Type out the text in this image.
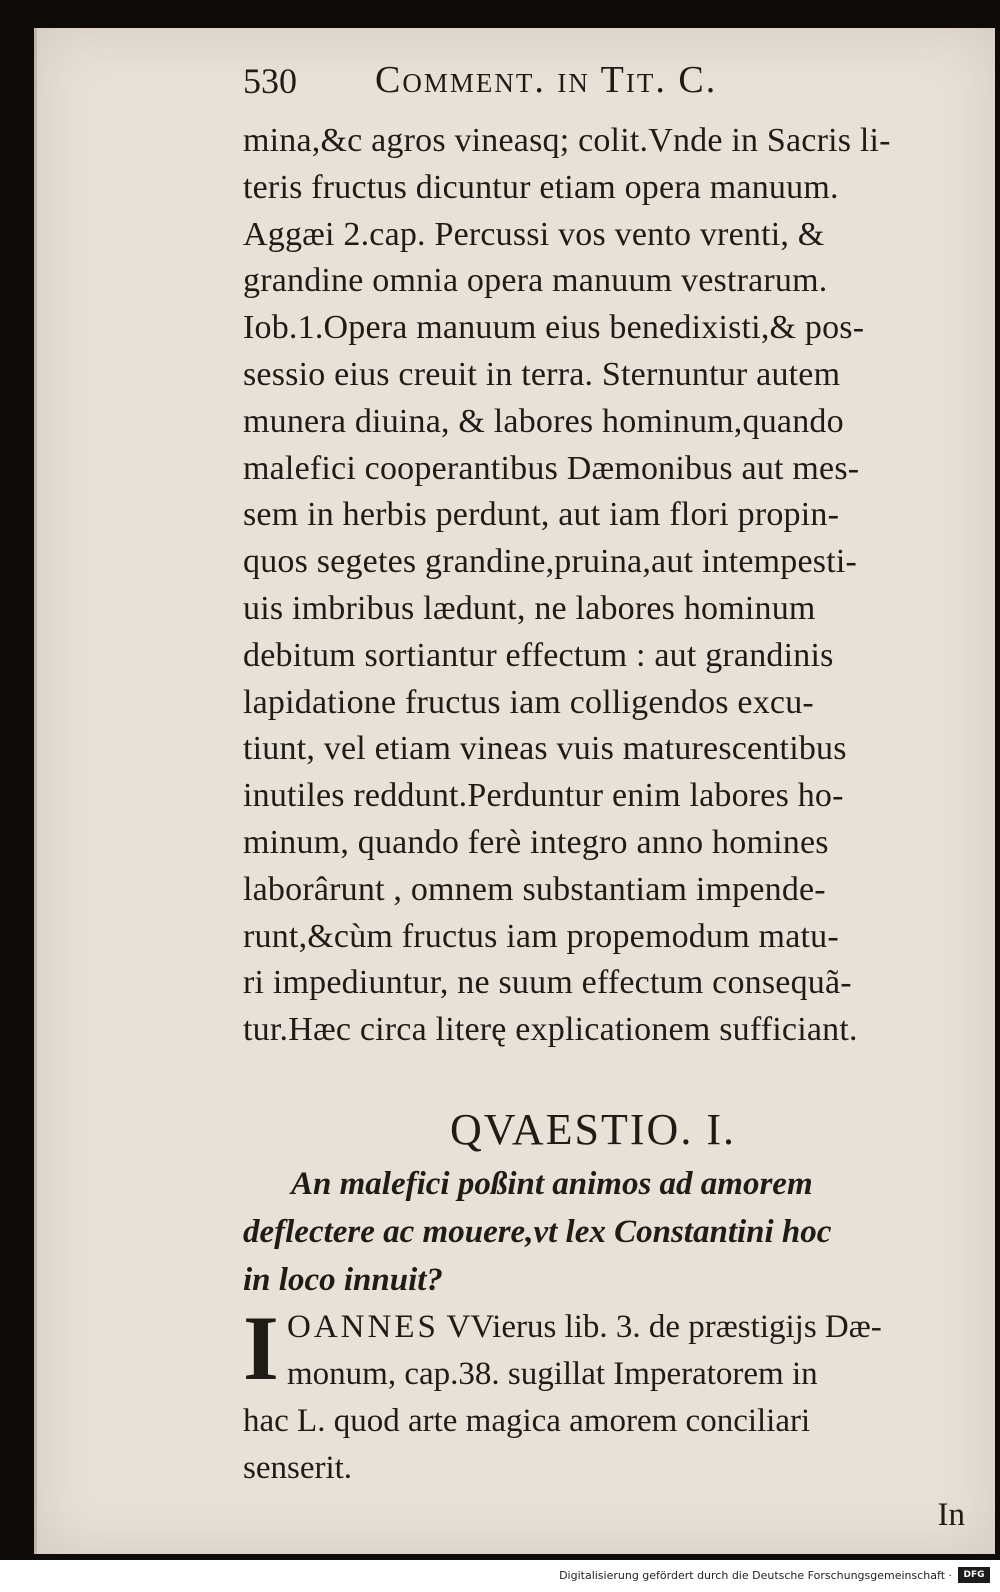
530 Comment. in Tit. C.
mina,&c agros vineasq; colit.Vnde in Sacris li-
teris fructus dicuntur etiam opera manuum.
Aggæi 2.cap. Percussi vos vento vrenti, &
grandine omnia opera manuum vestrarum.
Iob.1.Opera manuum eius benedixisti,& pos-
sessio eius creuit in terra. Sternuntur autem
munera diuina, & labores hominum,quando
malefici cooperantibus Dæmonibus aut mes-
sem in herbis perdunt, aut iam flori propin-
quos segetes grandine,pruina,aut intempesti-
uis imbribus lædunt, ne labores hominum
debitum sortiantur effectum : aut grandinis
lapidatione fructus iam colligendos excu-
tiunt, vel etiam vineas vuis maturescentibus
inutiles reddunt.Perduntur enim labores ho-
minum, quando ferè integro anno homines
laborârunt , omnem substantiam impende-
runt,&cùm fructus iam propemodum matu-
ri impediuntur, ne suum effectum consequã-
tur.Hæc circa literę explicationem sufficiant.
QVAESTIO. I.
An malefici poßint animos ad amorem
deflectere ac mouere,vt lex Constantini hoc
in loco innuit?
I OANNES VVierus lib. 3. de præstigijs Dæ-
monum, cap.38. sugillat Imperatorem in
hac L. quod arte magica amorem conciliari
senserit.
In
Digitalisierung gefördert durch die Deutsche Forschungsgemeinschaft ·	DFG
